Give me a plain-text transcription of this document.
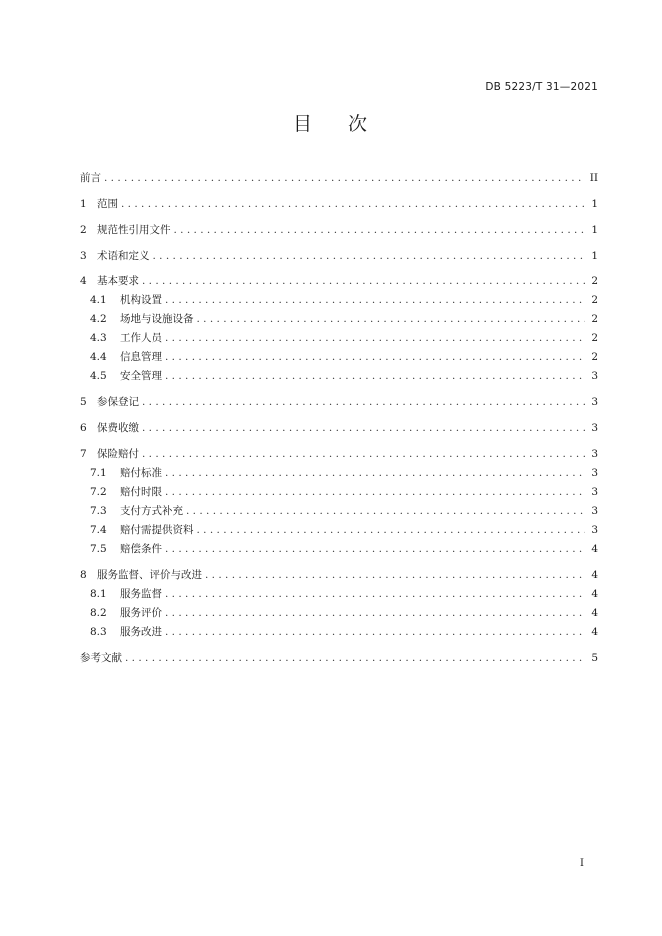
DB 5223/T 31—2021
目 次
前言 . . .	II
1 范围 . . .	1
2 规范性引用文件 . . .	1
3 术语和定义 . . .	1
4 基本要求 . . .	2
4.1	机构设置 . . .	2
4.2	场地与设施设备 . . .	2
4.3	工作人员 . . .	2
4.4	信息管理 . . .	2
4.5	安全管理 . . .	3
5 参保登记 . . .	3
6 保费收缴 . . .	3
7 保险赔付 . . .	3
7.1	赔付标准 . . .	3
7.2	赔付时限 . . .	3
7.3	支付方式补充 . . .	3
7.4	赔付需提供资料 . . .	3
7.5	赔偿条件 . . .	4
8 服务监督、评价与改进 . . .	4
8.1	服务监督 . . .	4
8.2	服务评价 . . .	4
8.3	服务改进 . . .	4
参考文献 . . .	5
I
